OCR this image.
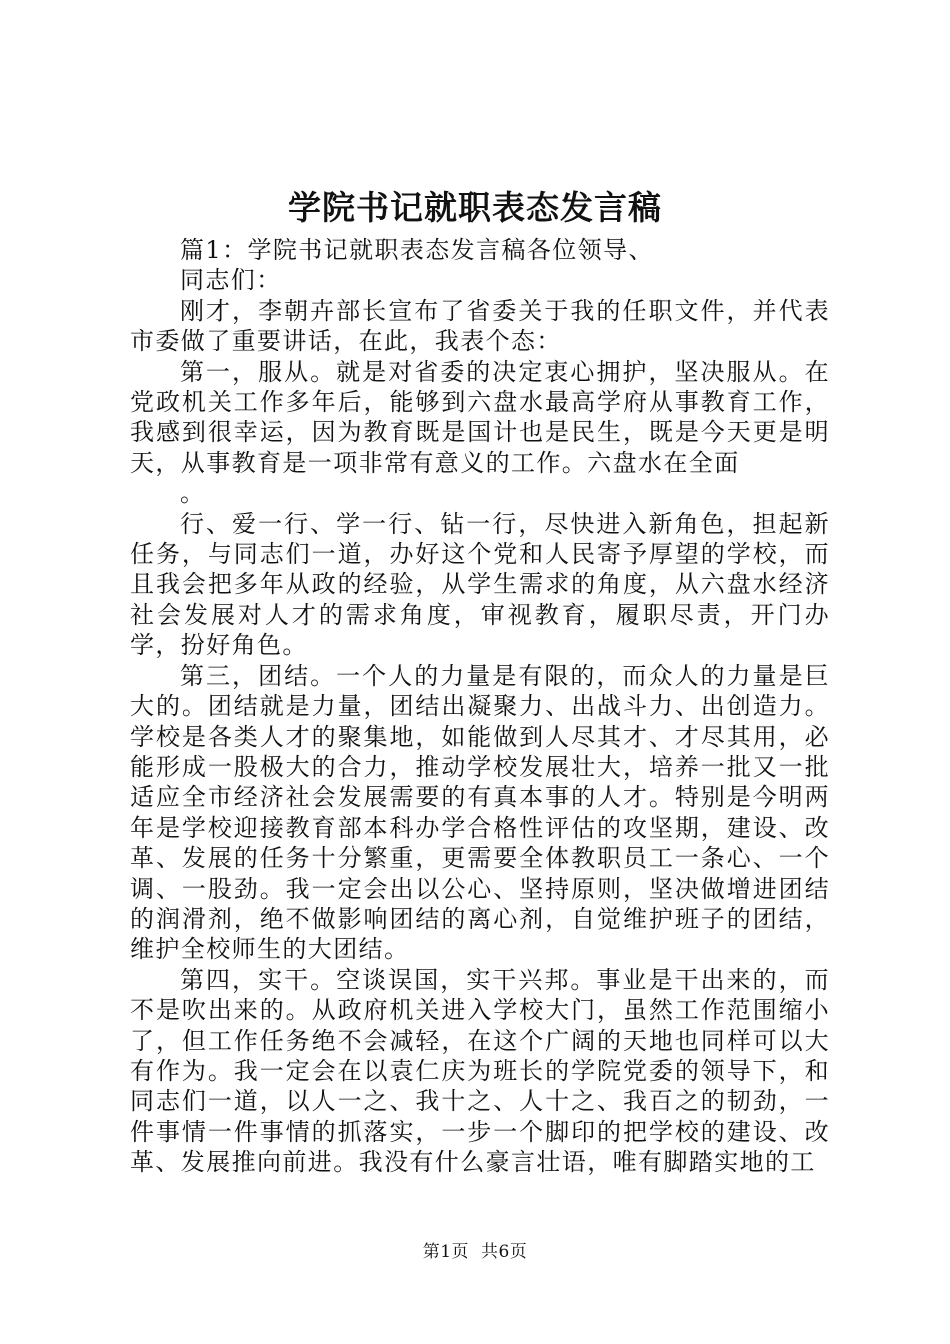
学院书记就职表态发言稿

篇1：学院书记就职表态发言稿各位领导、

同志们：

刚才，李朝卉部长宣布了省委关于我的任职文件，并代表市委做了重要讲话，在此，我表个态：

第一，服从。就是对省委的决定衷心拥护，坚决服从。在党政机关工作多年后，能够到六盘水最高学府从事教育工作，我感到很幸运，因为教育既是国计也是民生，既是今天更是明天，从事教育是一项非常有意义的工作。六盘水在全面

。

行、爱一行、学一行、钻一行，尽快进入新角色，担起新任务，与同志们一道，办好这个党和人民寄予厚望的学校，而且我会把多年从政的经验，从学生需求的角度，从六盘水经济社会发展对人才的需求角度，审视教育，履职尽责，开门办学，扮好角色。

第三，团结。一个人的力量是有限的，而众人的力量是巨大的。团结就是力量，团结出凝聚力、出战斗力、出创造力。学校是各类人才的聚集地，如能做到人尽其才、才尽其用，必能形成一股极大的合力，推动学校发展壮大，培养一批又一批适应全市经济社会发展需要的有真本事的人才。特别是今明两年是学校迎接教育部本科办学合格性评估的攻坚期，建设、改革、发展的任务十分繁重，更需要全体教职员工一条心、一个调、一股劲。我一定会出以公心、坚持原则，坚决做增进团结的润滑剂，绝不做影响团结的离心剂，自觉维护班子的团结，维护全校师生的大团结。

第四，实干。空谈误国，实干兴邦。事业是干出来的，而不是吹出来的。从政府机关进入学校大门，虽然工作范围缩小了，但工作任务绝不会减轻，在这个广阔的天地也同样可以大有作为。我一定会在以袁仁庆为班长的学院党委的领导下，和同志们一道，以人一之、我十之、人十之、我百之的韧劲，一件事情一件事情的抓落实，一步一个脚印的把学校的建设、改革、发展推向前进。我没有什么豪言壮语，唯有脚踏实地的工

第1页 共6页
